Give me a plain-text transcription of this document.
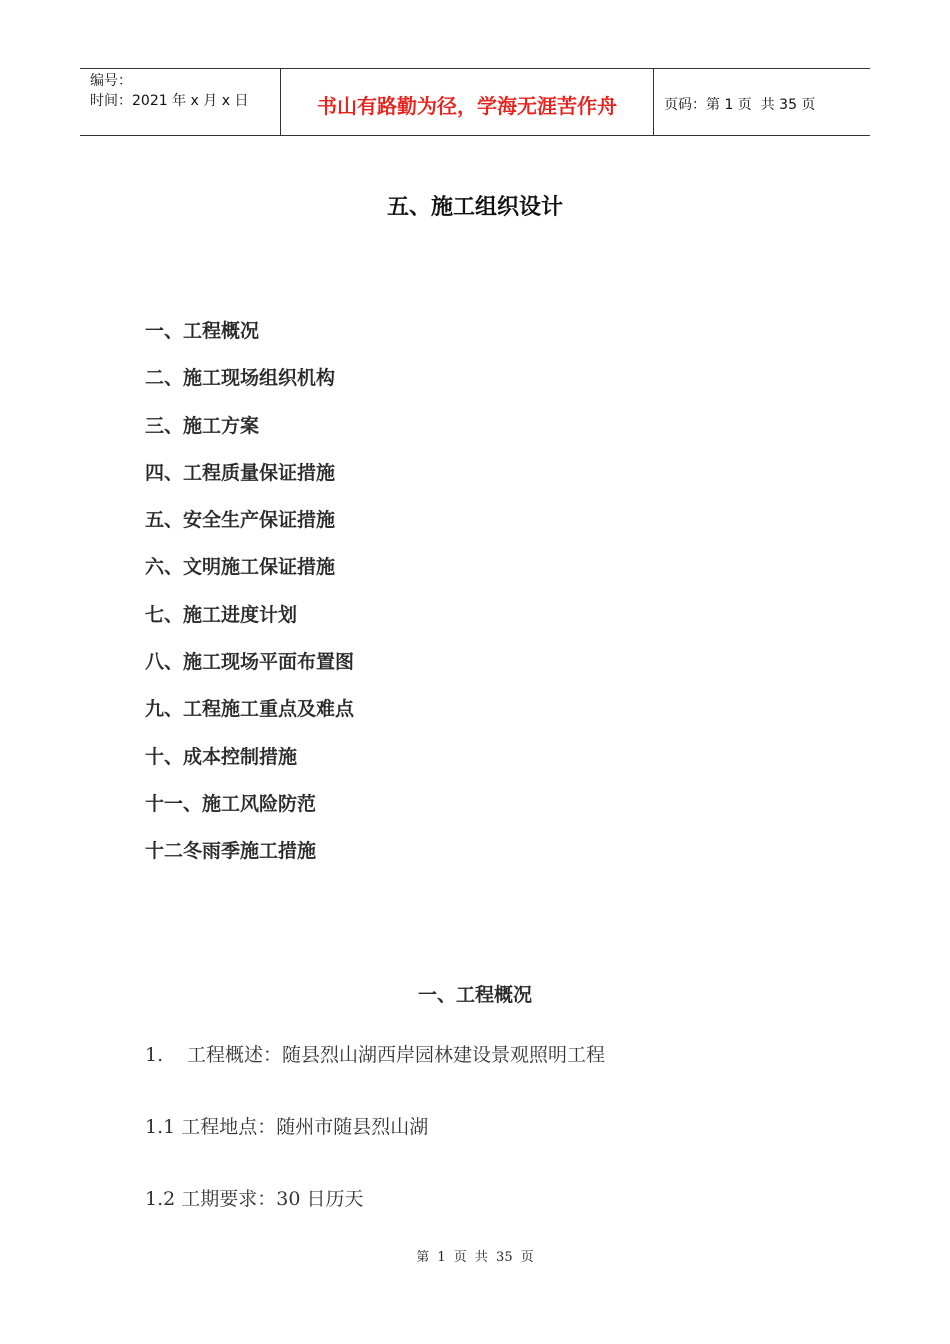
编号：
时间：2021 年 x 月 x 日	书山有路勤为径，学海无涯苦作舟	页码：第 1 页  共 35 页
五、施工组织设计
一、工程概况
二、施工现场组织机构
三、施工方案
四、工程质量保证措施
五、安全生产保证措施
六、文明施工保证措施
七、施工进度计划
八、施工现场平面布置图
九、工程施工重点及难点
十、成本控制措施
十一、施工风险防范
十二冬雨季施工措施
一、工程概况
1. 工程概述：随县烈山湖西岸园林建设景观照明工程
1.1 工程地点：随州市随县烈山湖
1.2 工期要求：30 日历天
第 1 页 共 35 页
